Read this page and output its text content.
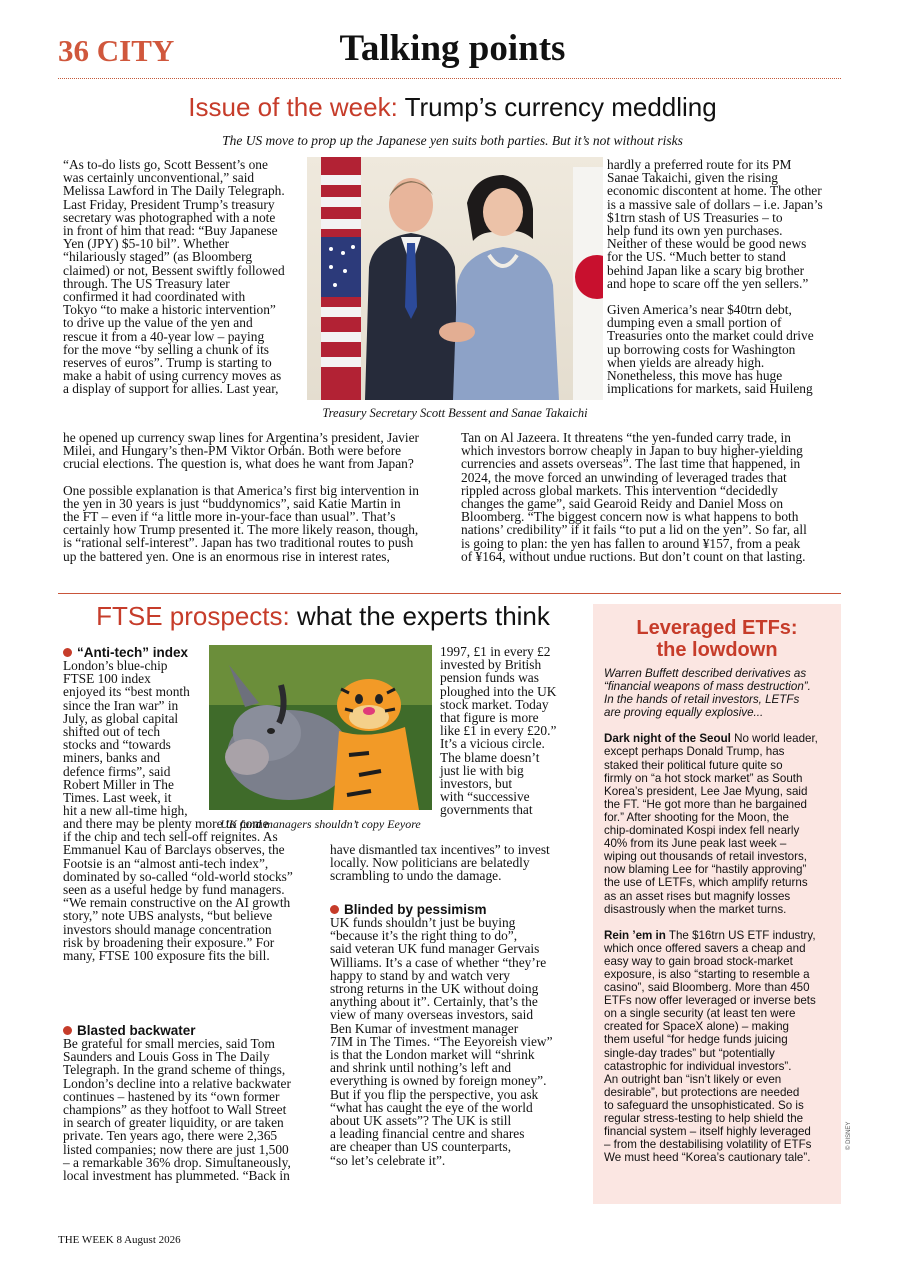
36 CITY	Talking points
Issue of the week: Trump’s currency meddling
The US move to prop up the Japanese yen suits both parties. But it’s not without risks
“As to-do lists go, Scott Bessent’s one
was certainly unconventional,” said
Melissa Lawford in The Daily Telegraph.
Last Friday, President Trump’s treasury
secretary was photographed with a note
in front of him that read: “Buy Japanese
Yen (JPY) $5-10 bil”. Whether
“hilariously staged” (as Bloomberg
claimed) or not, Bessent swiftly followed
through. The US Treasury later
confirmed it had coordinated with
Tokyo “to make a historic intervention”
to drive up the value of the yen and
rescue it from a 40-year low – paying
for the move “by selling a chunk of its
reserves of euros”. Trump is starting to
make a habit of using currency moves as
a display of support for allies. Last year,
Treasury Secretary Scott Bessent and Sanae Takaichi
hardly a preferred route for its PM
Sanae Takaichi, given the rising
economic discontent at home. The other
is a massive sale of dollars – i.e. Japan’s
$1trn stash of US Treasuries – to
help fund its own yen purchases.
Neither of these would be good news
for the US. “Much better to stand
behind Japan like a scary big brother
and hope to scare off the yen sellers.”
Given America’s near $40trn debt,
dumping even a small portion of
Treasuries onto the market could drive
up borrowing costs for Washington
when yields are already high.
Nonetheless, this move has huge
implications for markets, said Huileng
he opened up currency swap lines for Argentina’s president, Javier
Milei, and Hungary’s then-PM Viktor Orbán. Both were before
crucial elections. The question is, what does he want from Japan?
One possible explanation is that America’s first big intervention in
the yen in 30 years is just “buddynomics”, said Katie Martin in
the FT – even if “a little more in-your-face than usual”. That’s
certainly how Trump presented it. The more likely reason, though,
is “rational self-interest”. Japan has two traditional routes to push
up the battered yen. One is an enormous rise in interest rates,
Tan on Al Jazeera. It threatens “the yen-funded carry trade, in
which investors borrow cheaply in Japan to buy higher-yielding
currencies and assets overseas”. The last time that happened, in
2024, the move forced an unwinding of leveraged trades that
rippled across global markets. This intervention “decidedly
changes the game”, said Gearoid Reidy and Daniel Moss on
Bloomberg. “The biggest concern now is what happens to both
nations’ credibility” if it fails “to put a lid on the yen”. So far, all
is going to plan: the yen has fallen to around ¥157, from a peak
of ¥164, without undue ructions. But don’t count on that lasting.
FTSE prospects: what the experts think
“Anti-tech” index
London’s blue-chip
FTSE 100 index
enjoyed its “best month
since the Iran war” in
July, as global capital
shifted out of tech
stocks and “towards
miners, banks and
defence firms”, said
Robert Miller in The
Times. Last week, it
hit a new all-time high,
and there may be plenty more to come
if the chip and tech sell-off reignites. As
Emmanuel Kau of Barclays observes, the
Footsie is an “almost anti-tech index”,
dominated by so-called “old-world stocks”
seen as a useful hedge by fund managers.
“We remain constructive on the AI growth
story,” note UBS analysts, “but believe
investors should manage concentration
risk by broadening their exposure.” For
many, FTSE 100 exposure fits the bill.
UK fund managers shouldn’t copy Eeyore
1997, £1 in every £2
invested by British
pension funds was
ploughed into the UK
stock market. Today
that figure is more
like £1 in every £20.”
It’s a vicious circle.
The blame doesn’t
just lie with big
investors, but
with “successive
governments that
have dismantled tax incentives” to invest
locally. Now politicians are belatedly
scrambling to undo the damage.
Blasted backwater
Be grateful for small mercies, said Tom
Saunders and Louis Goss in The Daily
Telegraph. In the grand scheme of things,
London’s decline into a relative backwater
continues – hastened by its “own former
champions” as they hotfoot to Wall Street
in search of greater liquidity, or are taken
private. Ten years ago, there were 2,365
listed companies; now there are just 1,500
– a remarkable 36% drop. Simultaneously,
local investment has plummeted. “Back in
Blinded by pessimism
UK funds shouldn’t just be buying
“because it’s the right thing to do”,
said veteran UK fund manager Gervais
Williams. It’s a case of whether “they’re
happy to stand by and watch very
strong returns in the UK without doing
anything about it”. Certainly, that’s the
view of many overseas investors, said
Ben Kumar of investment manager
7IM in The Times. “The Eeyoreish view”
is that the London market will “shrink
and shrink until nothing’s left and
everything is owned by foreign money”.
But if you flip the perspective, you ask
“what has caught the eye of the world
about UK assets”? The UK is still
a leading financial centre and shares
are cheaper than US counterparts,
“so let’s celebrate it”.
Leveraged ETFs:
the lowdown
Warren Buffett described derivatives as
“financial weapons of mass destruction”.
In the hands of retail investors, LETFs
are proving equally explosive...

Dark night of the Seoul No world leader,

except perhaps Donald Trump, has
staked their political future quite so
firmly on “a hot stock market” as South
Korea’s president, Lee Jae Myung, said
the FT. “He got more than he bargained
for.” After shooting for the Moon, the
chip-dominated Kospi index fell nearly
40% from its June peak last week –
wiping out thousands of retail investors,
now blaming Lee for “hastily approving”
the use of LETFs, which amplify returns
as an asset rises but magnify losses
disastrously when the market turns.

Rein ’em in The $16trn US ETF industry,

which once offered savers a cheap and
easy way to gain broad stock-market
exposure, is also “starting to resemble a
casino”, said Bloomberg. More than 450
ETFs now offer leveraged or inverse bets
on a single security (at least ten were
created for SpaceX alone) – making
them useful “for hedge funds juicing
single-day trades” but “potentially
catastrophic for individual investors”.
An outright ban “isn’t likely or even
desirable”, but protections are needed
to safeguard the unsophisticated. So is
regular stress-testing to help shield the
financial system – itself highly leveraged
– from the destabilising volatility of ETFs
We must heed “Korea’s cautionary tale”.
© DISNEY
THE WEEK 8 August 2026
